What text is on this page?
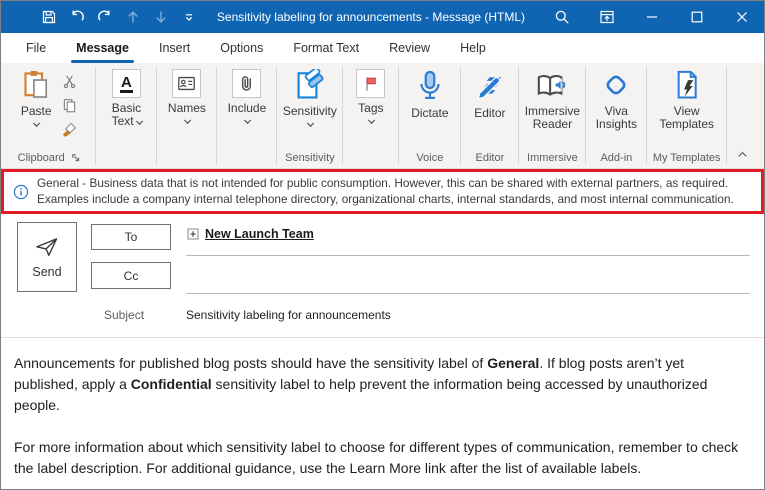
Sensitivity labeling for announcements - Message (HTML)
File Message Insert Options Format Text Review Help
Paste
Clipboard
A
Basic Text
Names Include Sensitivity
Sensitivity
Tags Dictate
Voice
Editor
Editor
Immersive Reader
Immersive
Viva Insights
Add-in
View Templates
My Templates
General - Business data that is not intended for public consumption. However, this can be shared with external partners, as required. Examples include a company internal telephone directory, organizational charts, internal standards, and most internal communication.
Send
To
Cc
New Launch Team
Subject	Sensitivity labeling for announcements

Announcements for published blog posts should have the sensitivity label of General. If blog posts aren’t yet published, apply a Confidential sensitivity label to help prevent the information being accessed by unauthorized people.

For more information about which sensitivity label to choose for different types of communication, remember to check the label description. For additional guidance, use the Learn More link after the list of available labels.
